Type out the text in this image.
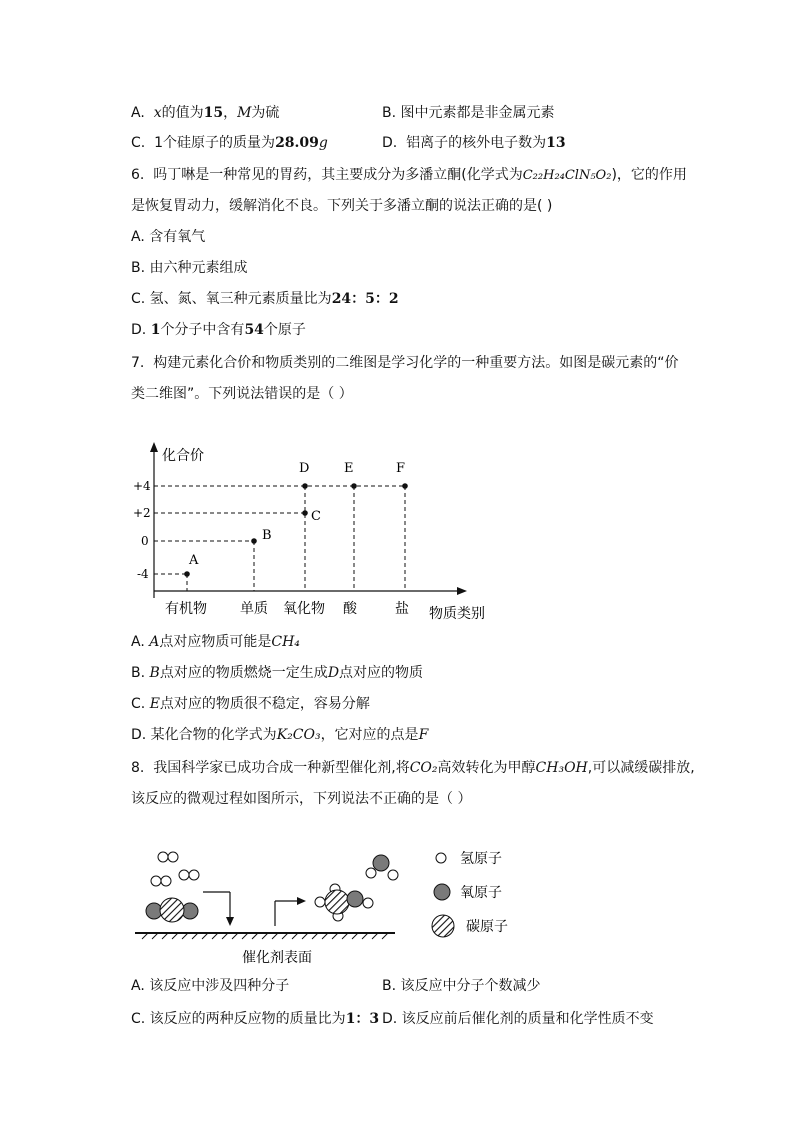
A. x的值为15，M为硫	B. 图中元素都是非金属元素
C. 1个硅原子的质量为28.09g	D. 铝离子的核外电子数为13
6. 吗丁啉是一种常见的胃药，其主要成分为多潘立酮(化学式为C₂₂H₂₄ClN₅O₂)，它的作用
是恢复胃动力，缓解消化不良。下列关于多潘立酮的说法正确的是( )
A. 含有氧气
B. 由六种元素组成
C. 氢、氮、氧三种元素质量比为24：5：2
D. 1个分子中含有54个原子
7. 构建元素化合价和物质类别的二维图是学习化学的一种重要方法。如图是碳元素的“价
类二维图”。下列说法错误的是（ ）
化合价
物质类别
+4
+2
0
-4
A
B
C
D	E	F
有机物 单质 氧化物 酸	盐
A. A点对应物质可能是CH₄
B. B点对应的物质燃烧一定生成D点对应的物质
C. E点对应的物质很不稳定，容易分解
D. 某化合物的化学式为K₂CO₃，它对应的点是F
8. 我国科学家已成功合成一种新型催化剂,将CO₂高效转化为甲醇CH₃OH,可以减缓碳排放,
该反应的微观过程如图所示，下列说法不正确的是（ ）
催化剂表面
氢原子
氧原子
碳原子
A. 该反应中涉及四种分子	B. 该反应中分子个数减少
C. 该反应的两种反应物的质量比为1：3 D. 该反应前后催化剂的质量和化学性质不变
